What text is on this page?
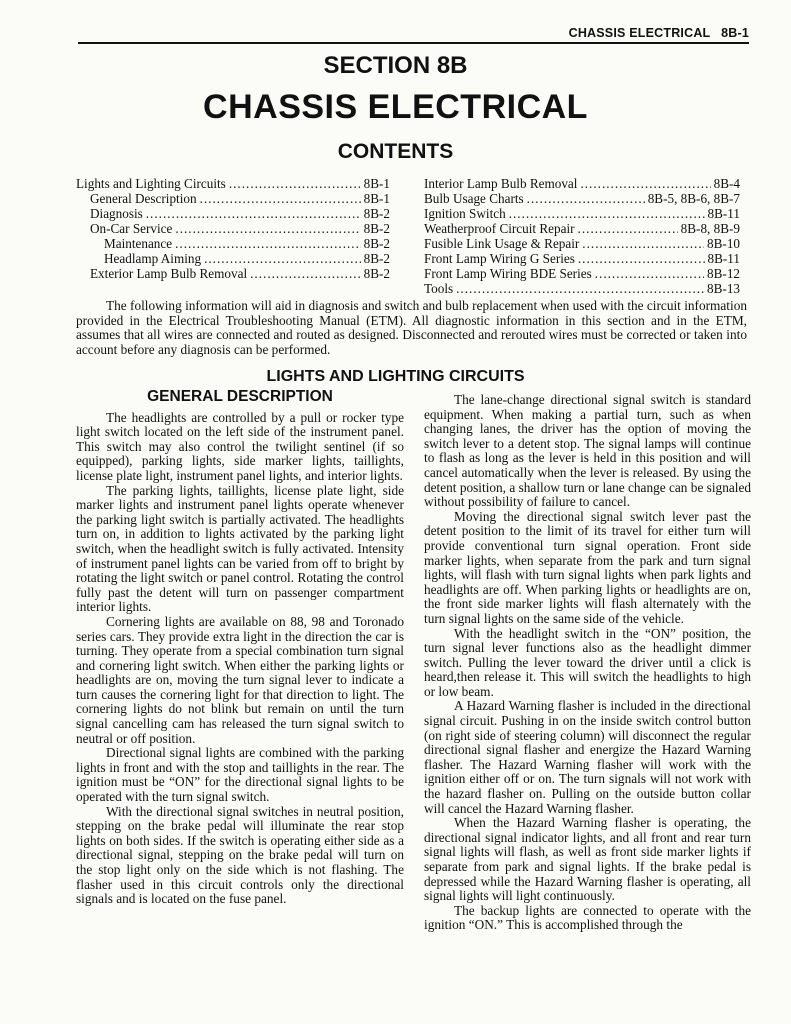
CHASSIS ELECTRICAL 8B-1
SECTION 8B
CHASSIS ELECTRICAL
CONTENTS
Lights and Lighting Circuits .....	8B-1
General Description .....	8B-1
Diagnosis .....	8B-2
On-Car Service .....	8B-2
Maintenance .....	8B-2
Headlamp Aiming .....	8B-2
Exterior Lamp Bulb Removal .....	8B-2
Interior Lamp Bulb Removal .....	8B-4
Bulb Usage Charts .....	8B-5, 8B-6, 8B-7
Ignition Switch .....	8B-11
Weatherproof Circuit Repair .....	8B-8, 8B-9
Fusible Link Usage & Repair .....	8B-10
Front Lamp Wiring G Series .....	8B-11
Front Lamp Wiring BDE Series .....	8B-12
Tools .....	8B-13
The following information will aid in diagnosis and switch and bulb replacement when used with the circuit information provided in the Electrical Troubleshooting Manual (ETM). All diagnostic information in this section and in the ETM, assumes that all wires are connected and routed as designed. Disconnected and rerouted wires must be corrected or taken into account before any diagnosis can be performed.
LIGHTS AND LIGHTING CIRCUITS
GENERAL DESCRIPTION

The headlights are controlled by a pull or rocker type light switch located on the left side of the instrument panel. This switch may also control the twilight sentinel (if so equipped), parking lights, side marker lights, taillights, license plate light, instrument panel lights, and interior lights.

The parking lights, taillights, license plate light, side marker lights and instrument panel lights operate whenever the parking light switch is partially activated. The headlights turn on, in addition to lights activated by the parking light switch, when the headlight switch is fully activated. Intensity of instrument panel lights can be varied from off to bright by rotating the light switch or panel control. Rotating the control fully past the detent will turn on passenger compartment interior lights.

Cornering lights are available on 88, 98 and Toronado series cars. They provide extra light in the direction the car is turning. They operate from a special combination turn signal and cornering light switch. When either the parking lights or headlights are on, moving the turn signal lever to indicate a turn causes the cornering light for that direction to light. The cornering lights do not blink but remain on until the turn signal cancelling cam has released the turn signal switch to neutral or off position.

Directional signal lights are combined with the parking lights in front and with the stop and taillights in the rear. The ignition must be “ON” for the directional signal lights to be operated with the turn signal switch.

With the directional signal switches in neutral position, stepping on the brake pedal will illuminate the rear stop lights on both sides. If the switch is operating either side as a directional signal, stepping on the brake pedal will turn on the stop light only on the side which is not flashing. The flasher used in this circuit controls only the directional signals and is located on the fuse panel.

The lane-change directional signal switch is standard equipment. When making a partial turn, such as when changing lanes, the driver has the option of moving the switch lever to a detent stop. The signal lamps will continue to flash as long as the lever is held in this position and will cancel automatically when the lever is released. By using the detent position, a shallow turn or lane change can be signaled without possibility of failure to cancel.

Moving the directional signal switch lever past the detent position to the limit of its travel for either turn will provide conventional turn signal operation. Front side marker lights, when separate from the park and turn signal lights, will flash with turn signal lights when park lights and headlights are off. When parking lights or headlights are on, the front side marker lights will flash alternately with the turn signal lights on the same side of the vehicle.

With the headlight switch in the “ON” position, the turn signal lever functions also as the headlight dimmer switch. Pulling the lever toward the driver until a click is heard,then release it. This will switch the headlights to high or low beam.

A Hazard Warning flasher is included in the directional signal circuit. Pushing in on the inside switch control button (on right side of steering column) will disconnect the regular directional signal flasher and energize the Hazard Warning flasher. The Hazard Warning flasher will work with the ignition either off or on. The turn signals will not work with the hazard flasher on. Pulling on the outside button collar will cancel the Hazard Warning flasher.

When the Hazard Warning flasher is operating, the directional signal indicator lights, and all front and rear turn signal lights will flash, as well as front side marker lights if separate from park and signal lights. If the brake pedal is depressed while the Hazard Warning flasher is operating, all signal lights will light continuously.

The backup lights are connected to operate with the ignition “ON.” This is accomplished through the
